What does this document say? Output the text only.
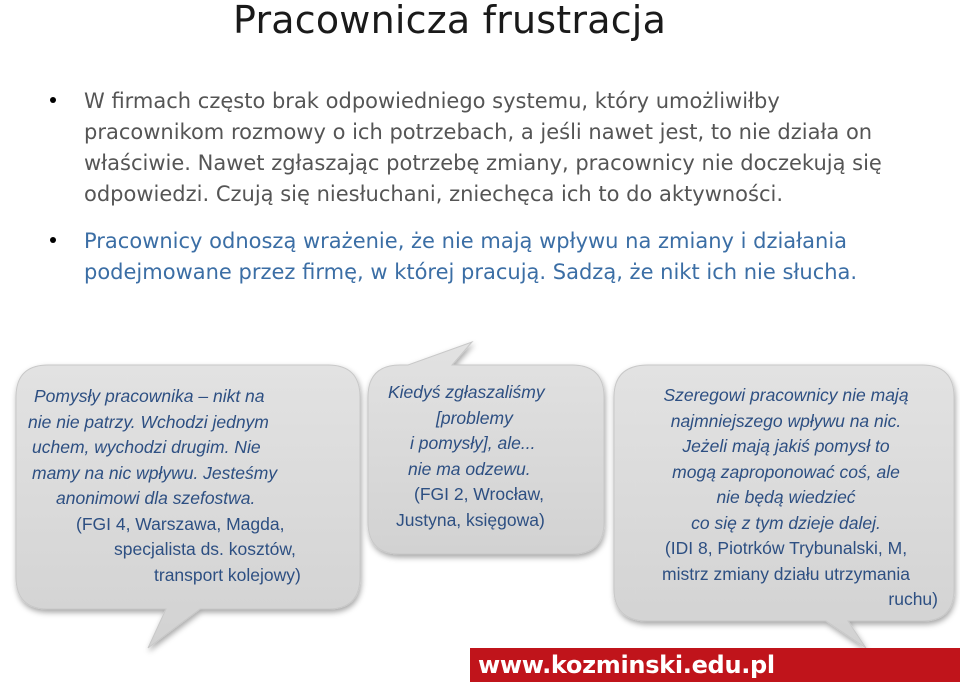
Pracownicza frustracja
W firmach często brak odpowiedniego systemu, który umożliwiłby
pracownikom rozmowy o ich potrzebach, a jeśli nawet jest, to nie działa on
właściwie. Nawet zgłaszając potrzebę zmiany, pracownicy nie doczekują się
odpowiedzi. Czują się niesłuchani, zniechęca ich to do aktywności.
Pracownicy odnoszą wrażenie, że nie mają wpływu na zmiany i działania
podejmowane przez firmę, w której pracują. Sadzą, że nikt ich nie słucha.
Pomysły pracownika – nikt na
nie nie patrzy. Wchodzi jednym
uchem, wychodzi drugim. Nie
mamy na nic wpływu. Jesteśmy
anonimowi dla szefostwa.
(FGI 4, Warszawa, Magda,
specjalista ds. kosztów,
transport kolejowy)
Kiedyś zgłaszaliśmy
[problemy
i pomysły], ale...
nie ma odzewu.
(FGI 2, Wrocław,
Justyna, księgowa)
Szeregowi pracownicy nie mają
najmniejszego wpływu na nic.
Jeżeli mają jakiś pomysł to
mogą zaproponować coś, ale
nie będą wiedzieć
co się z tym dzieje dalej.
(IDI 8, Piotrków Trybunalski, M,
mistrz zmiany działu utrzymania
ruchu)
www.kozminski.edu.pl
